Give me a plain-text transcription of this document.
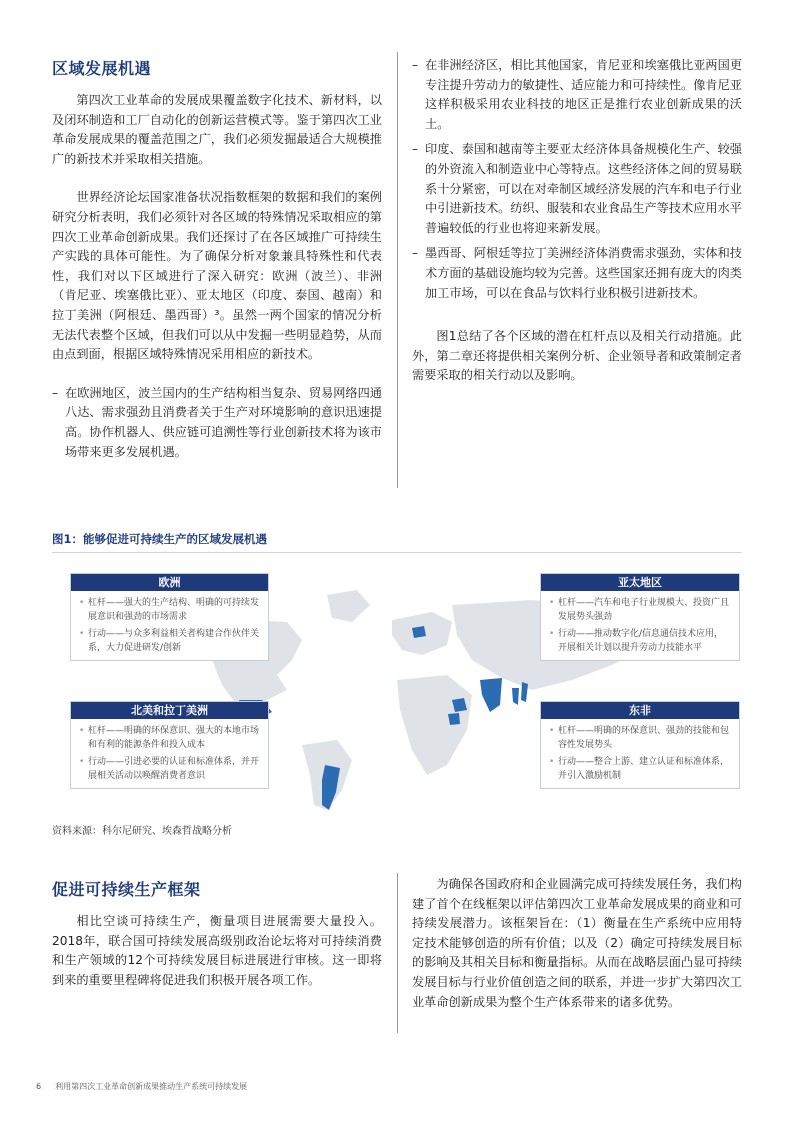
区域发展机遇

第四次工业革命的发展成果覆盖数字化技术、新材料，以及闭环制造和工厂自动化的创新运营模式等。鉴于第四次工业革命发展成果的覆盖范围之广，我们必须发掘最适合大规模推广的新技术并采取相关措施。

世界经济论坛国家准备状况指数框架的数据和我们的案例研究分析表明，我们必须针对各区域的特殊情况采取相应的第四次工业革命创新成果。我们还探讨了在各区域推广可持续生产实践的具体可能性。为了确保分析对象兼具特殊性和代表性，我们对以下区域进行了深入研究：欧洲（波兰）、非洲（肯尼亚、埃塞俄比亚）、亚太地区（印度、泰国、越南）和拉丁美洲（阿根廷、墨西哥）³。虽然一两个国家的情况分析无法代表整个区域，但我们可以从中发掘一些明显趋势，从而由点到面，根据区域特殊情况采用相应的新技术。

– 在欧洲地区，波兰国内的生产结构相当复杂、贸易网络四通八达、需求强劲且消费者关于生产对环境影响的意识迅速提高。协作机器人、供应链可追溯性等行业创新技术将为该市场带来更多发展机遇。
– 在非洲经济区，相比其他国家，肯尼亚和埃塞俄比亚两国更专注提升劳动力的敏捷性、适应能力和可持续性。像肯尼亚这样积极采用农业科技的地区正是推行农业创新成果的沃土。
– 印度、泰国和越南等主要亚太经济体具备规模化生产、较强的外资流入和制造业中心等特点。这些经济体之间的贸易联系十分紧密，可以在对牵制区域经济发展的汽车和电子行业中引进新技术。纺织、服装和农业食品生产等技术应用水平普遍较低的行业也将迎来新发展。
– 墨西哥、阿根廷等拉丁美洲经济体消费需求强劲，实体和技术方面的基础设施均较为完善。这些国家还拥有庞大的肉类加工市场，可以在食品与饮料行业积极引进新技术。

图1总结了各个区域的潜在杠杆点以及相关行动措施。此外，第二章还将提供相关案例分析、企业领导者和政策制定者需要采取的相关行动以及影响。

图1：能够促进可持续生产的区域发展机遇
欧洲
• 杠杆——强大的生产结构、明确的可持续发展意识和强劲的市场需求
• 行动——与众多利益相关者构建合作伙伴关系，大力促进研发/创新
亚太地区
• 杠杆——汽车和电子行业规模大、投资广且发展势头强劲
• 行动——推动数字化/信息通信技术应用，开展相关计划以提升劳动力技能水平
北美和拉丁美洲
• 杠杆——明确的环保意识、强大的本地市场和有利的能源条件和投入成本
• 行动——引进必要的认证和标准体系，并开展相关活动以唤醒消费者意识
东非
• 杠杆——明确的环保意识、强劲的技能和包容性发展势头
• 行动——整合上游、建立认证和标准体系，并引入激励机制
资料来源：科尔尼研究、埃森哲战略分析
促进可持续生产框架

相比空谈可持续生产，衡量项目进展需要大量投入。2018年，联合国可持续发展高级别政治论坛将对可持续消费和生产领域的12个可持续发展目标进展进行审核。这一即将到来的重要里程碑将促进我们积极开展各项工作。

为确保各国政府和企业圆满完成可持续发展任务，我们构建了首个在线框架以评估第四次工业革命发展成果的商业和可持续发展潜力。该框架旨在：（1）衡量在生产系统中应用特定技术能够创造的所有价值；以及（2）确定可持续发展目标的影响及其相关目标和衡量指标。从而在战略层面凸显可持续发展目标与行业价值创造之间的联系，并进一步扩大第四次工业革命创新成果为整个生产体系带来的诸多优势。

6 利用第四次工业革命创新成果推动生产系统可持续发展
